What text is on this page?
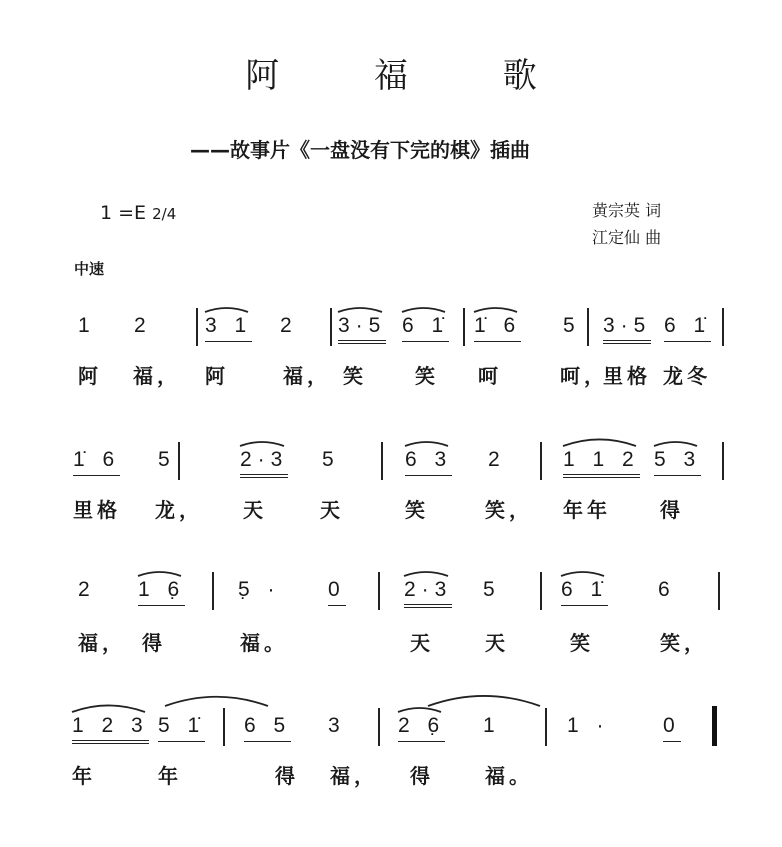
阿 福 歌
——故事片《一盘没有下完的棋》插曲
1 =E 2/4	黄宗英 词
江定仙 曲
中速
1 2	3 1 2 3·5 6 1̇ 1̇ 6 5 3·5 6 1̇
阿 福， 阿	福， 笑 笑 呵	呵，
里格 龙冬
1̇ 6 5	2·3 5	6 3 2	1 1 2 5 3
里格 龙， 天	天	笑	笑， 年年 得
2 1 6̣	5̣ · 0	2·3 5	6 1̇ 6
福， 得	福。	天	天	笑	笑，
1 2 3 5 1̇ 6 5 3 2 6̣ 1	1 ·	0
年	年	得 福， 得	福。
